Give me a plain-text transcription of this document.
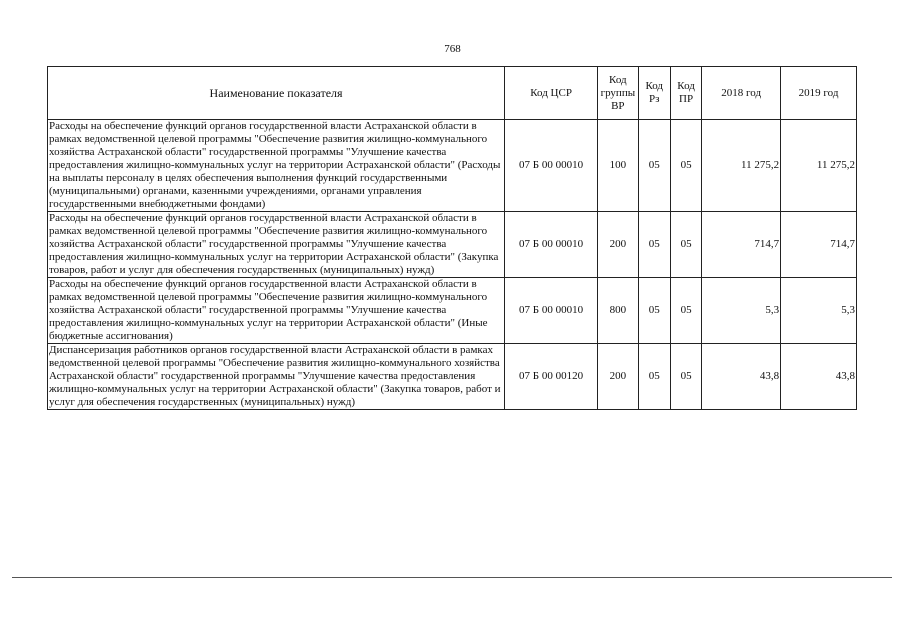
768
Наименование показателя	Код ЦСР	Код группы ВР	Код Рз	Код ПР	2018 год	2019 год
Расходы на обеспечение функций органов государственной власти Астраханской области в рамках ведомственной целевой программы "Обеспечение развития жилищно-коммунального хозяйства Астраханской области" государственной программы "Улучшение качества предоставления жилищно-коммунальных услуг на территории Астраханской области" (Расходы на выплаты персоналу в целях обеспечения выполнения функций государственными (муниципальными) органами, казенными учреждениями, органами управления государственными внебюджетными фондами)	07 Б 00 00010	100	05	05	11 275,2	11 275,2
Расходы на обеспечение функций органов государственной власти Астраханской области в рамках ведомственной целевой программы "Обеспечение развития жилищно-коммунального хозяйства Астраханской области" государственной программы "Улучшение качества предоставления жилищно-коммунальных услуг на территории Астраханской области" (Закупка товаров, работ и услуг для обеспечения государственных (муниципальных) нужд)	07 Б 00 00010	200	05	05	714,7	714,7
Расходы на обеспечение функций органов государственной власти Астраханской области в рамках ведомственной целевой программы "Обеспечение развития жилищно-коммунального хозяйства Астраханской области" государственной программы "Улучшение качества предоставления жилищно-коммунальных услуг на территории Астраханской области" (Иные бюджетные ассигнования)	07 Б 00 00010	800	05	05	5,3	5,3
Диспансеризация работников органов государственной власти Астраханской области в рамках ведомственной целевой программы "Обеспечение развития жилищно-коммунального хозяйства Астраханской области" государственной программы "Улучшение качества предоставления жилищно-коммунальных услуг на территории Астраханской области" (Закупка товаров, работ и услуг для обеспечения государственных (муниципальных) нужд)	07 Б 00 00120	200	05	05	43,8	43,8
